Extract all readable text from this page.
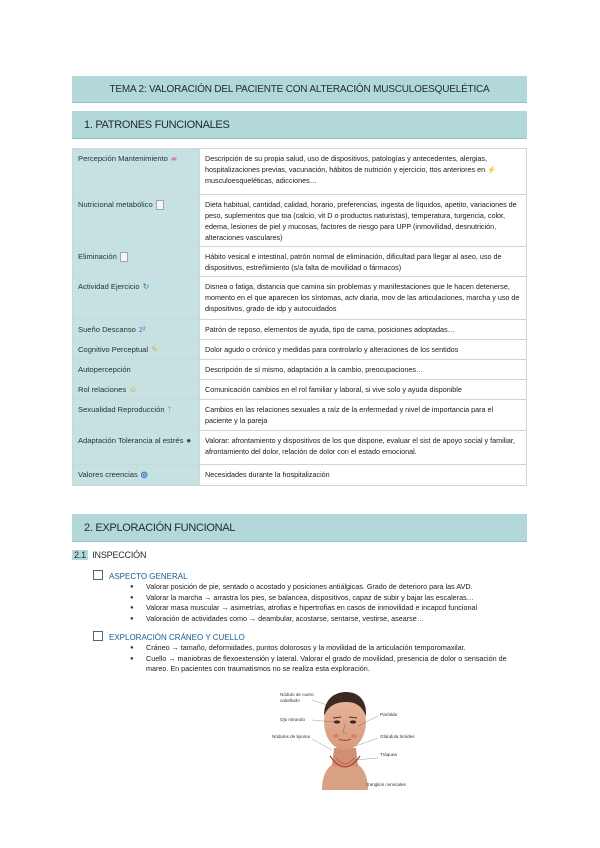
TEMA 2: VALORACIÓN DEL PACIENTE CON ALTERACIÓN MUSCULOESQUELÉTICA
1. PATRONES FUNCIONALES
Percepción Mantenimiento ▰	Descripción de su propia salud, uso de dispositivos, patologías y antecedentes, alergias, hospitalizaciones previas, vacunación, hábitos de nutrición y ejercicio, ttos anteriores en ⚡ musculoesqueléticas, adicciones…
Nutricional metabólico	Dieta habitual, cantidad, calidad, horario, preferencias, ingesta de líquidos, apetito, variaciones de peso, suplementos que toa (calcio, vit D o productos naturistas), temperatura, turgencia, color, edema, lesiones de piel y mucosas, factores de riesgo para UPP (inmovilidad, desnutrición, alteraciones vasculares)
Eliminación	Hábito vesical e intestinal, patrón normal de eliminación, dificultad para llegar al aseo, uso de dispositivos, estreñimiento (s/a falta de movilidad o fármacos)
Actividad Ejercicio ↻	Disnea o fatiga, distancia que camina sin problemas y manifestaciones que le hacen detenerse, momento en el que aparecen los síntomas, actv diaria, mov de las articulaciones, marcha y uso de dispositivos, grado de idp y autocuidados
Sueño Descanso z²	Patrón de reposo, elementos de ayuda, tipo de cama, posiciones adoptadas…
Cognitivo Perceptual ✎	Dolor agudo o crónico y medidas para controlarlo y alteraciones de los sentidos
Autopercepción	Descripción de sí mismo, adaptación a la cambio, preocupaciones…
Rol relaciones ☺	Comunicación cambios en el rol familiar y laboral, si vive solo y ayuda disponible
Sexualidad Reproducción †	Cambios en las relaciones sexuales a raíz de la enfermedad y nivel de importancia para el paciente y la pareja
Adaptación Tolerancia al estrés ●	Valorar: afrontamiento y dispositivos de los que dispone, evaluar el sist de apoyo social y familiar, afrontamiento del dolor, relación de dolor con el estado emocional.
Valores creencias ◎	Necesidades durante la hospitalización
2. EXPLORACIÓN FUNCIONAL
2.1 INSPECCIÓN
ASPECTO GENERAL
● Valorar posición de pie, sentado o acostado y posiciones antiálgicas. Grado de deterioro para las AVD.
● Valorar la marcha → arrastra los pies, se balancea, dispositivos, capaz de subir y bajar las escaleras…
● Valorar masa muscular → asimetrías, atrofias e hipertrofias en casos de inmovilidad e incapcd funcional
● Valoración de actividades como → deambular, acostarse, sentarse, vestirse, asearse…
EXPLORACIÓN CRÁNEO Y CUELLO
● Cráneo → tamaño, deformidades, puntos dolorosos y la movilidad de la articulación temporomaxilar.
● Cuello → maniobras de flexoextensión y lateral. Valorar el grado de movilidad, presencia de dolor o sensación de mareo. En pacientes con traumatismos no se realiza esta exploración.
Nódulo de cuero cabelludo
Ojo mirando
Nódulos de lipoma
Parótida
Glándula tiroides
Tráquea
Ganglios cervicales
